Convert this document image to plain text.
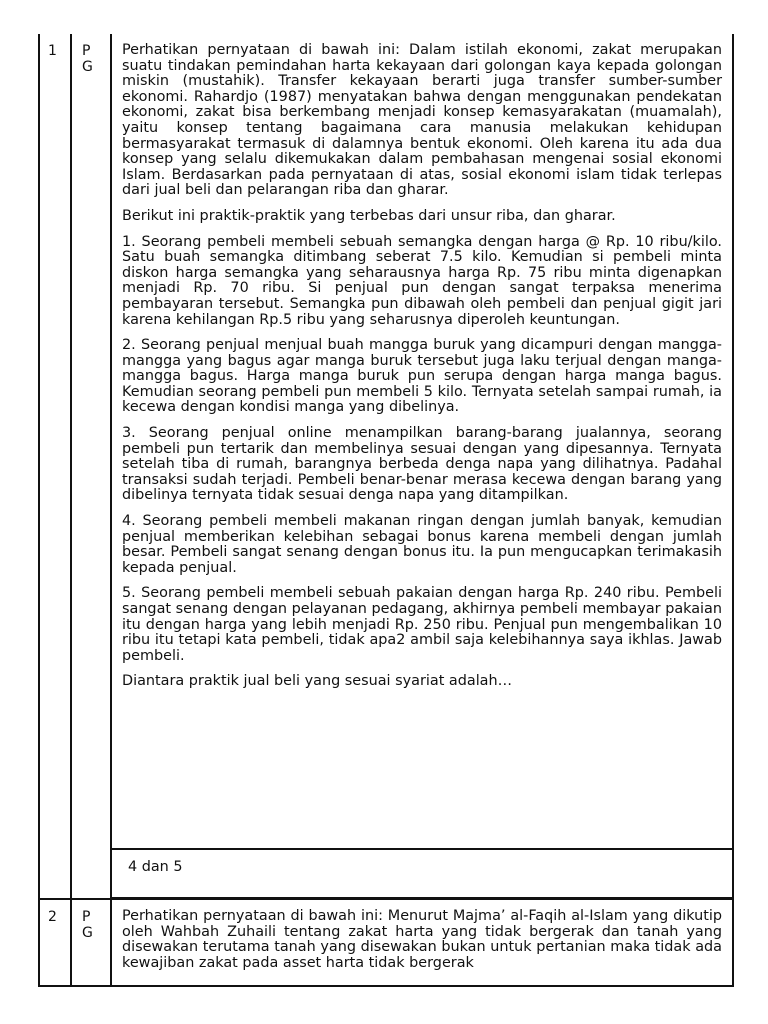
1 P
G

Perhatikan pernyataan di bawah ini: Dalam istilah ekonomi, zakat merupakan suatu tindakan pemindahan harta kekayaan dari golongan kaya kepada golongan miskin (mustahik). Transfer kekayaan berarti juga transfer sumber-sumber ekonomi. Rahardjo (1987) menyatakan bahwa dengan menggunakan pendekatan ekonomi, zakat bisa berkembang menjadi konsep kemasyarakatan (muamalah), yaitu konsep tentang bagaimana cara manusia melakukan kehidupan bermasyarakat termasuk di dalamnya bentuk ekonomi. Oleh karena itu ada dua konsep yang selalu dikemukakan dalam pembahasan mengenai sosial ekonomi Islam. Berdasarkan pada pernyataan di atas, sosial ekonomi islam tidak terlepas dari jual beli dan pelarangan riba dan gharar.

Berikut ini praktik-praktik yang terbebas dari unsur riba, dan gharar.

1. Seorang pembeli membeli sebuah semangka dengan harga @ Rp. 10 ribu/kilo. Satu buah semangka ditimbang seberat 7.5 kilo. Kemudian si pembeli minta diskon harga semangka yang seharausnya harga Rp. 75 ribu minta digenapkan menjadi Rp. 70 ribu. Si penjual pun dengan sangat terpaksa menerima pembayaran tersebut. Semangka pun dibawah oleh pembeli dan penjual gigit jari karena kehilangan Rp.5 ribu yang seharusnya diperoleh keuntungan.

2. Seorang penjual menjual buah mangga buruk yang dicampuri dengan mangga-mangga yang bagus agar manga buruk tersebut juga laku terjual dengan manga-mangga bagus. Harga manga buruk pun serupa dengan harga manga bagus. Kemudian seorang pembeli pun membeli 5 kilo. Ternyata setelah sampai rumah, ia kecewa dengan kondisi manga yang dibelinya.

3. Seorang penjual online menampilkan barang-barang jualannya, seorang pembeli pun tertarik dan membelinya sesuai dengan yang dipesannya. Ternyata setelah tiba di rumah, barangnya berbeda denga napa yang dilihatnya. Padahal transaksi sudah terjadi. Pembeli benar-benar merasa kecewa dengan barang yang dibelinya ternyata tidak sesuai denga napa yang ditampilkan.

4. Seorang pembeli membeli makanan ringan dengan jumlah banyak, kemudian penjual memberikan kelebihan sebagai bonus karena membeli dengan jumlah besar. Pembeli sangat senang dengan bonus itu. Ia pun mengucapkan terimakasih kepada penjual.

5. Seorang pembeli membeli sebuah pakaian dengan harga Rp. 240 ribu. Pembeli sangat senang dengan pelayanan pedagang, akhirnya pembeli membayar pakaian itu dengan harga yang lebih menjadi Rp. 250 ribu. Penjual pun mengembalikan 10 ribu itu tetapi kata pembeli, tidak apa2 ambil saja kelebihannya saya ikhlas. Jawab pembeli.

Diantara praktik jual beli yang sesuai syariat adalah…

4 dan 5
2 P
G

Perhatikan pernyataan di bawah ini: Menurut Majma’ al-Faqih al-Islam yang dikutip oleh Wahbah Zuhaili tentang zakat harta yang tidak bergerak dan tanah yang disewakan terutama tanah yang disewakan bukan untuk pertanian maka tidak ada kewajiban zakat pada asset harta tidak bergerak
